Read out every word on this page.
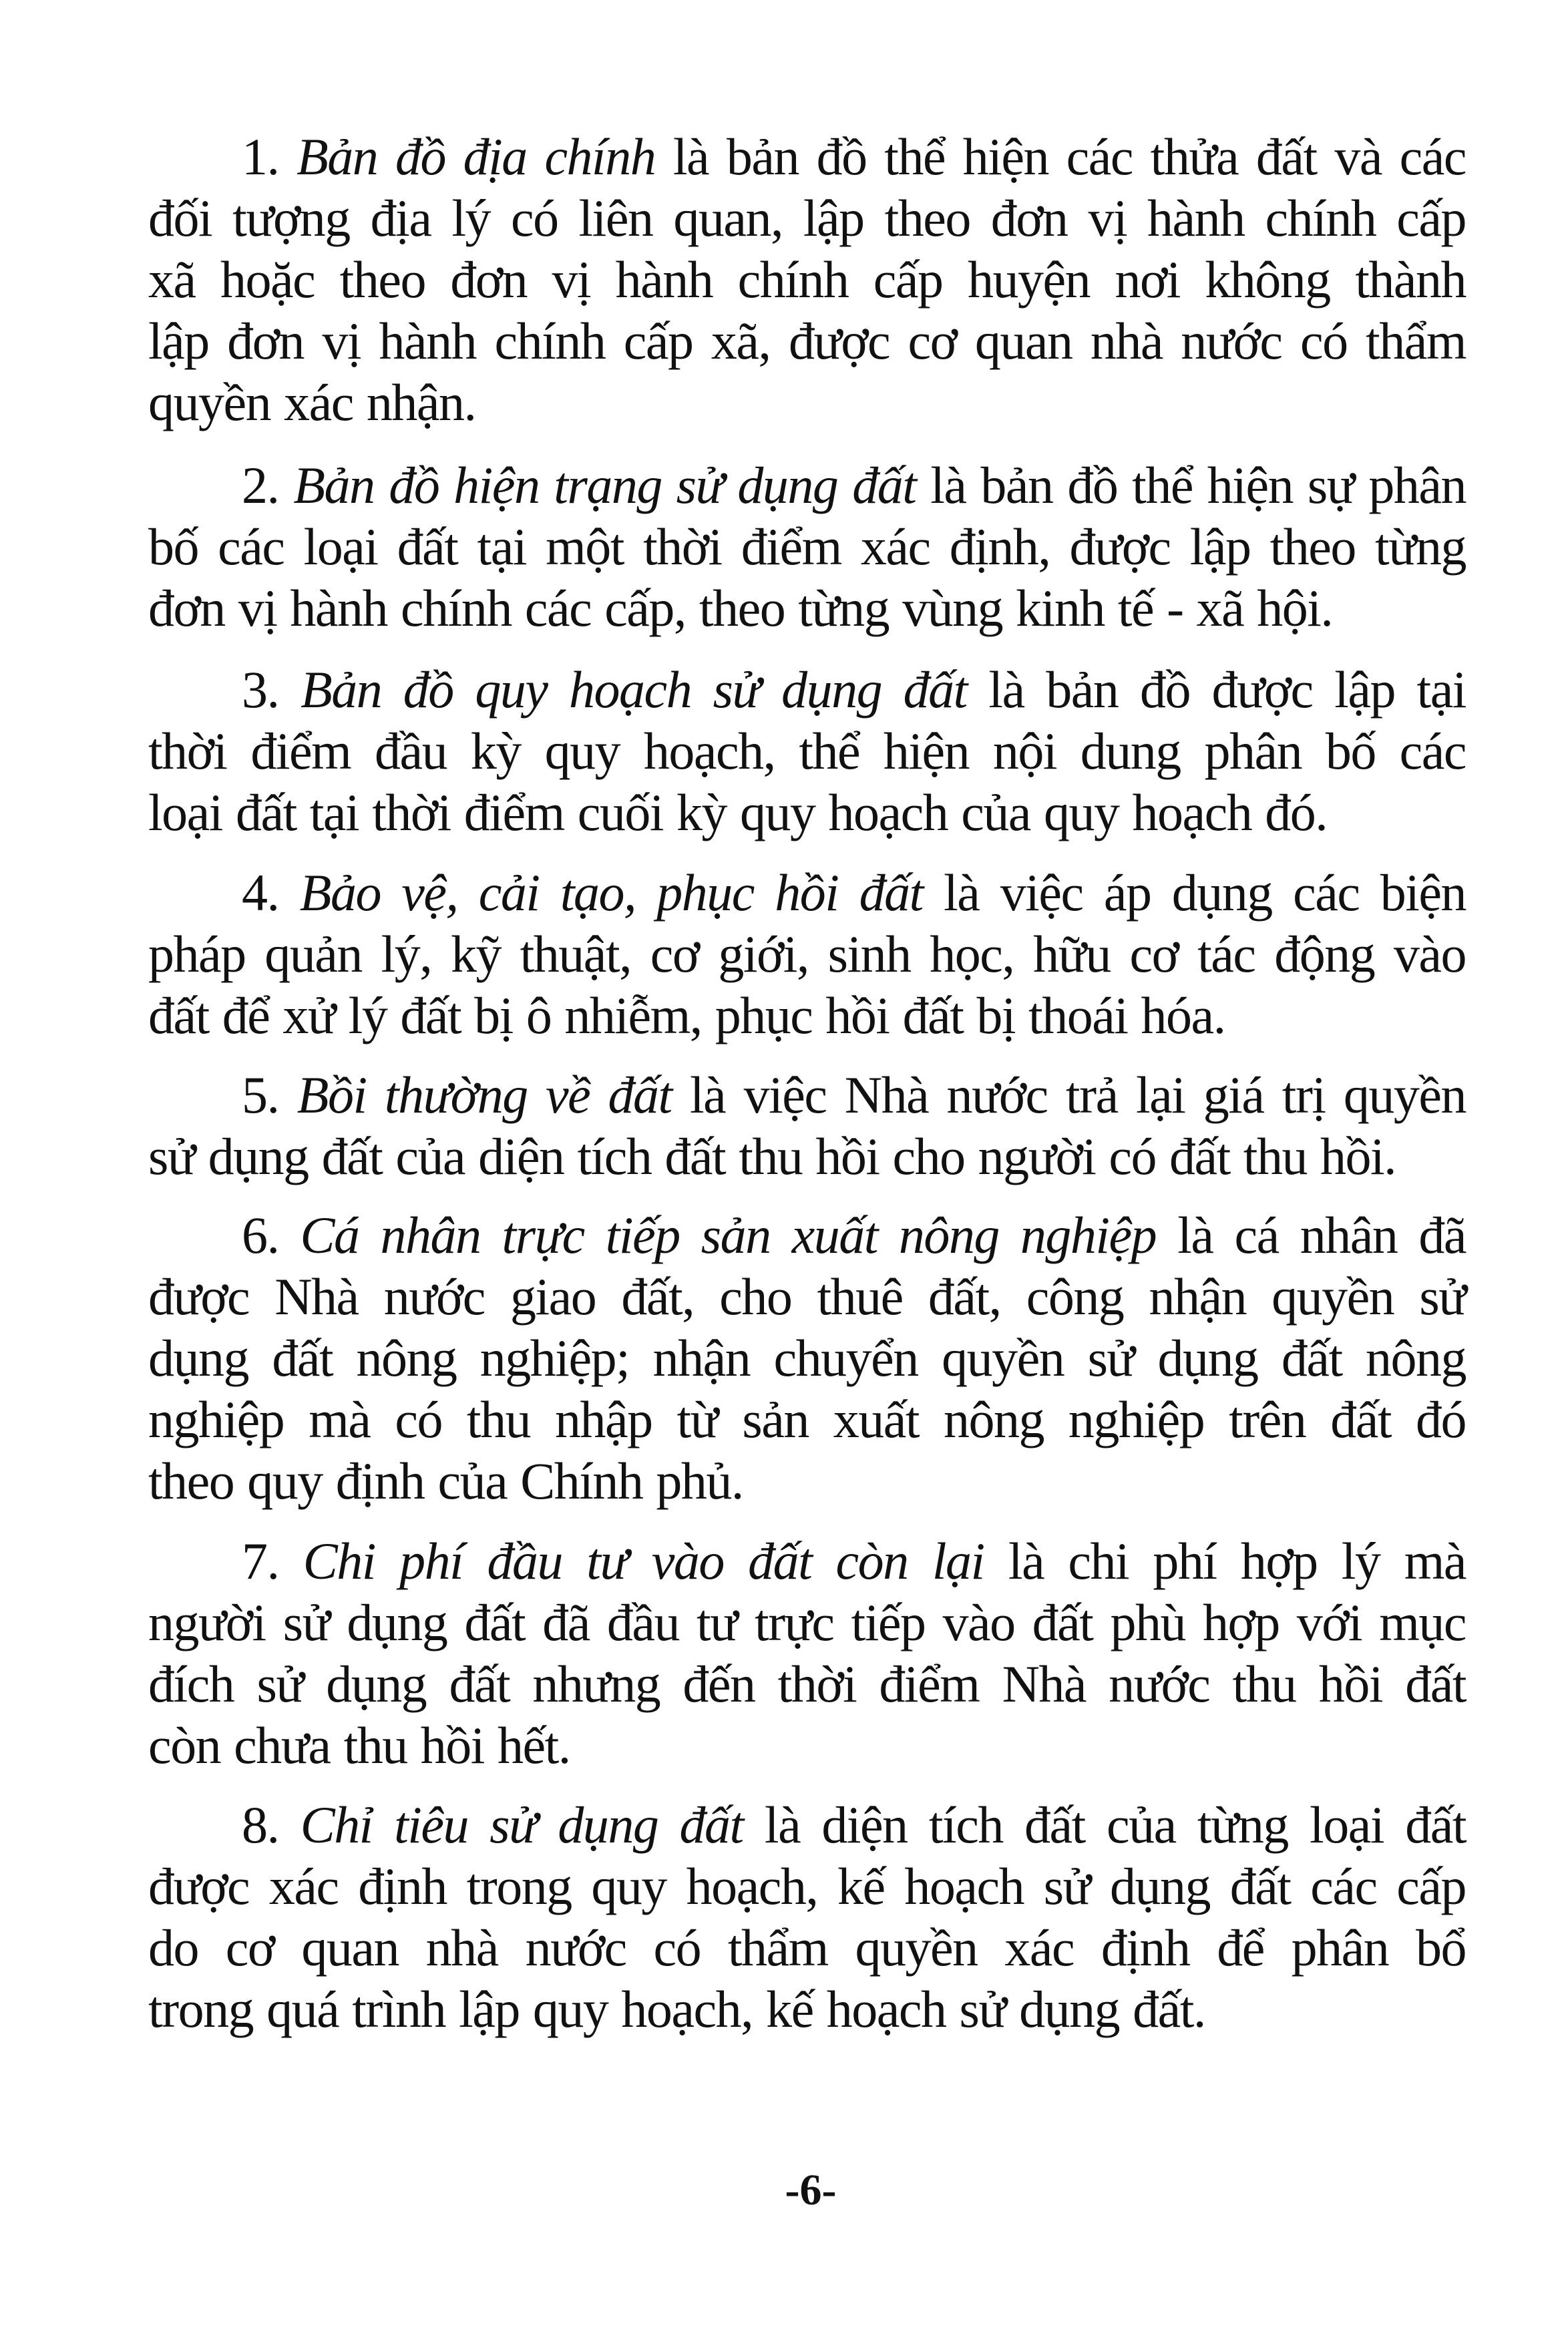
1. Bản đồ địa chính là bản đồ thể hiện các thửa đất và các
đối tượng địa lý có liên quan, lập theo đơn vị hành chính cấp
xã hoặc theo đơn vị hành chính cấp huyện nơi không thành
lập đơn vị hành chính cấp xã, được cơ quan nhà nước có thẩm
quyền xác nhận.
2. Bản đồ hiện trạng sử dụng đất là bản đồ thể hiện sự phân
bố các loại đất tại một thời điểm xác định, được lập theo từng
đơn vị hành chính các cấp, theo từng vùng kinh tế - xã hội.
3. Bản đồ quy hoạch sử dụng đất là bản đồ được lập tại
thời điểm đầu kỳ quy hoạch, thể hiện nội dung phân bố các
loại đất tại thời điểm cuối kỳ quy hoạch của quy hoạch đó.
4. Bảo vệ, cải tạo, phục hồi đất là việc áp dụng các biện
pháp quản lý, kỹ thuật, cơ giới, sinh học, hữu cơ tác động vào
đất để xử lý đất bị ô nhiễm, phục hồi đất bị thoái hóa.
5. Bồi thường về đất là việc Nhà nước trả lại giá trị quyền
sử dụng đất của diện tích đất thu hồi cho người có đất thu hồi.
6. Cá nhân trực tiếp sản xuất nông nghiệp là cá nhân đã
được Nhà nước giao đất, cho thuê đất, công nhận quyền sử
dụng đất nông nghiệp; nhận chuyển quyền sử dụng đất nông
nghiệp mà có thu nhập từ sản xuất nông nghiệp trên đất đó
theo quy định của Chính phủ.
7. Chi phí đầu tư vào đất còn lại là chi phí hợp lý mà
người sử dụng đất đã đầu tư trực tiếp vào đất phù hợp với mục
đích sử dụng đất nhưng đến thời điểm Nhà nước thu hồi đất
còn chưa thu hồi hết.
8. Chỉ tiêu sử dụng đất là diện tích đất của từng loại đất
được xác định trong quy hoạch, kế hoạch sử dụng đất các cấp
do cơ quan nhà nước có thẩm quyền xác định để phân bổ
trong quá trình lập quy hoạch, kế hoạch sử dụng đất.
-6-
